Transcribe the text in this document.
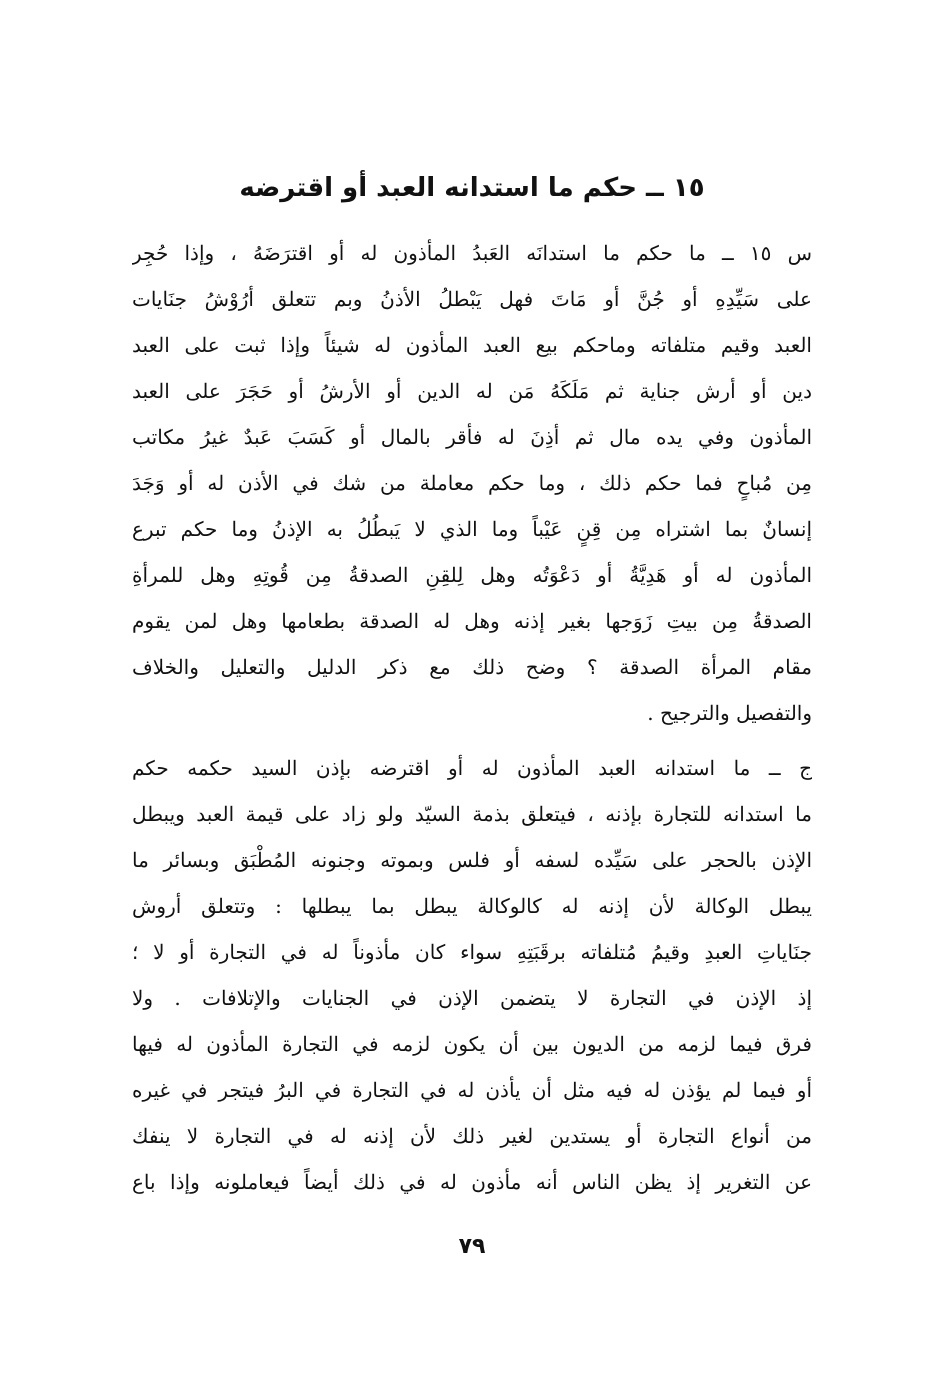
١٥ ــ حكم ما استدانه العبد أو اقترضه
س ١٥ ــ ما حكم ما استدانَه العَبدُ المأذون له أو اقترَضَهُ ، وإذا حُجِر
على سَيِّدِهِ أو جُنَّ أو مَاتَ فهل يَبْطلُ الأذنُ وبم تتعلق أرُوْشُ جنَايات
العبد وقيم متلفاته وماحكم بيع العبد المأذون له شيئاً وإذا ثبت على العبد
دين أو أرش جناية ثم مَلَكَهُ مَن له الدين أو الأرشُ أو حَجَرَ على العبد
المأذون وفي يده مال ثم أذِنَ له فأقر بالمال أو كَسَبَ عَبدٌ غيرُ مكاتب
مِن مُباحٍ فما حكم ذلك ، وما حكم معاملة من شك في الأذن له أو وَجَدَ
إنسانٌ بما اشتراه مِن قِنٍ عَيْباً وما الذي لا يَبطُلُ به الإذنُ وما حكم تبرع
المأذون له أو هَدِيَّةُ أو دَعْوَتُه وهل لِلقِنِ الصدقةُ مِن قُوتِهِ وهل للمرأةِ
الصدقةُ مِن بيتِ زَوَجها بغير إذنه وهل له الصدقة بطعامها وهل لمن يقوم
مقام المرأة الصدقة ؟ وضح ذلك مع ذكر الدليل والتعليل والخلاف
والتفصيل والترجيح .
ج ــ ما استدانه العبد المأذون له أو اقترضه بإذن السيد حكمه حكم
ما استدانه للتجارة بإذنه ، فيتعلق بذمة السيّد ولو زاد على قيمة العبد ويبطل
الإذن بالحجر على سَيِّده لسفه أو فلس وبموته وجنونه المُطْبَق وبسائر ما
يبطل الوكالة لأن إذنه له كالوكالة يبطل بما يبطلها : وتتعلق أروش
جنَاياتِ العبدِ وقيمُ مُتلفاته برقَبَتِهِ سواء كان مأذوناً له في التجارة أو لا ؛
إذ الإذن في التجارة لا يتضمن الإذن في الجنايات والإتلافات . ولا
فرق فيما لزمه من الديون بين أن يكون لزمه في التجارة المأذون له فيها
أو فيما لم يؤذن له فيه مثل أن يأذن له في التجارة في البرُ فيتجر في غيره
من أنواع التجارة أو يستدين لغير ذلك لأن إذنه له في التجارة لا ينفك
عن التغرير إذ يظن الناس أنه مأذون له في ذلك أيضاً فيعاملونه وإذا باع
٧٩
